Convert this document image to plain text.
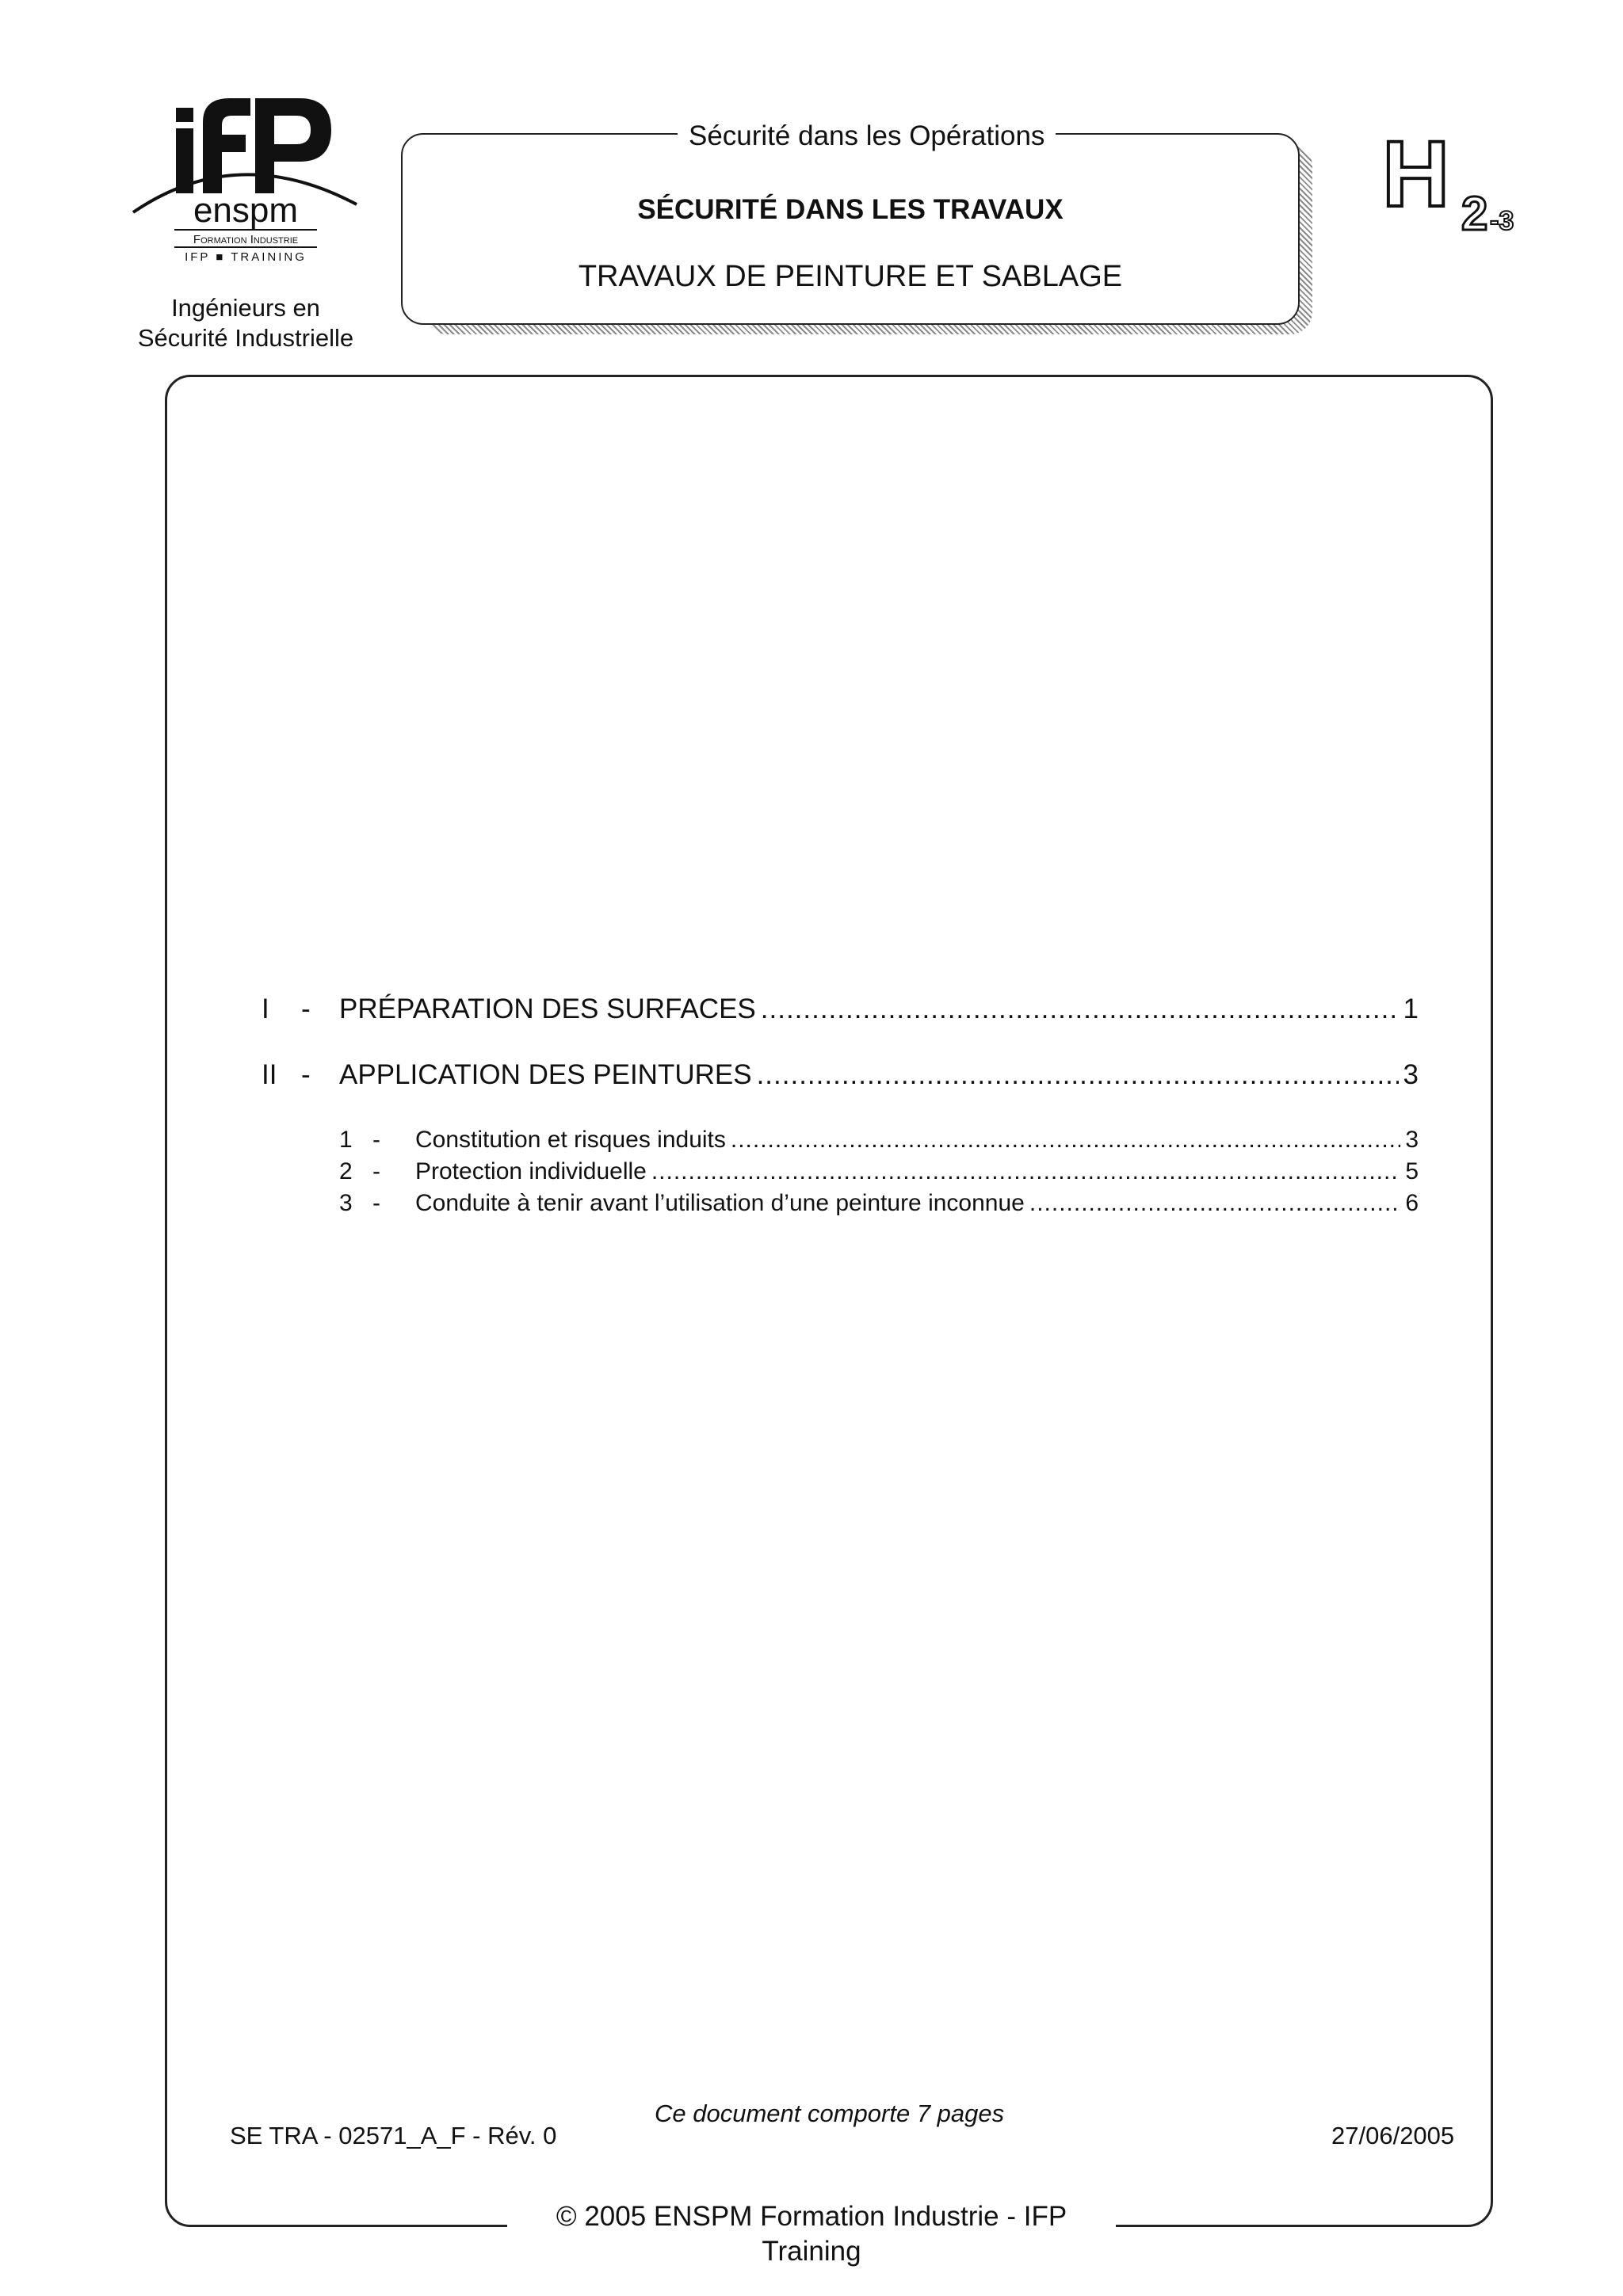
enspm
Formation Industrie
IFP ■ TRAINING
Ingénieurs en
Sécurité Industrielle
Sécurité dans les Opérations
SÉCURITÉ DANS LES TRAVAUX
TRAVAUX DE PEINTURE ET SABLAGE
H 2 -3
I	-	PRÉPARATION DES SURFACES .....	1
II -	APPLICATION DES PEINTURES .....	3
1 -	Constitution et risques induits .....	3
2 -	Protection individuelle .....	5
3 -	Conduite à tenir avant l’utilisation d’une peinture inconnue .....	6
SE TRA - 02571_A_F - Rév. 0
Ce document comporte 7 pages
27/06/2005
© 2005 ENSPM Formation Industrie - IFP Training
